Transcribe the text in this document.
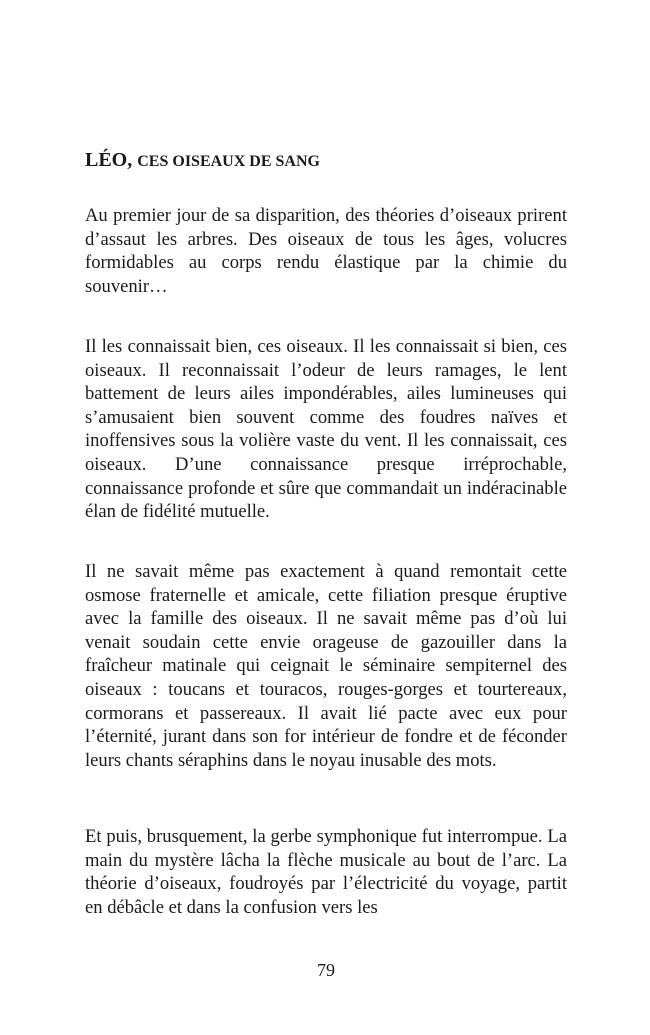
LÉO, CES OISEAUX DE SANG

Au premier jour de sa disparition, des théories d’oiseaux prirent d’assaut les arbres. Des oiseaux de tous les âges, volucres formidables au corps rendu élastique par la chimie du souvenir…

Il les connaissait bien, ces oiseaux. Il les connaissait si bien, ces oiseaux. Il reconnaissait l’odeur de leurs ramages, le lent battement de leurs ailes impondérables, ailes lumineuses qui s’amusaient bien souvent comme des foudres naïves et inoffensives sous la volière vaste du vent. Il les connaissait, ces oiseaux. D’une connaissance presque irréprochable, connaissance profonde et sûre que commandait un indéracinable élan de fidélité mutuelle.

Il ne savait même pas exactement à quand remontait cette osmose fraternelle et amicale, cette filiation presque éruptive avec la famille des oiseaux. Il ne savait même pas d’où lui venait soudain cette envie orageuse de gazouiller dans la fraîcheur matinale qui ceignait le séminaire sempiternel des oiseaux : toucans et touracos, rouges-gorges et tourtereaux, cormorans et passereaux. Il avait lié pacte avec eux pour l’éternité, jurant dans son for intérieur de fondre et de féconder leurs chants séraphins dans le noyau inusable des mots.

Et puis, brusquement, la gerbe symphonique fut interrompue. La main du mystère lâcha la flèche musicale au bout de l’arc. La théorie d’oiseaux, foudroyés par l’électricité du voyage, partit en débâcle et dans la confusion vers les

79
